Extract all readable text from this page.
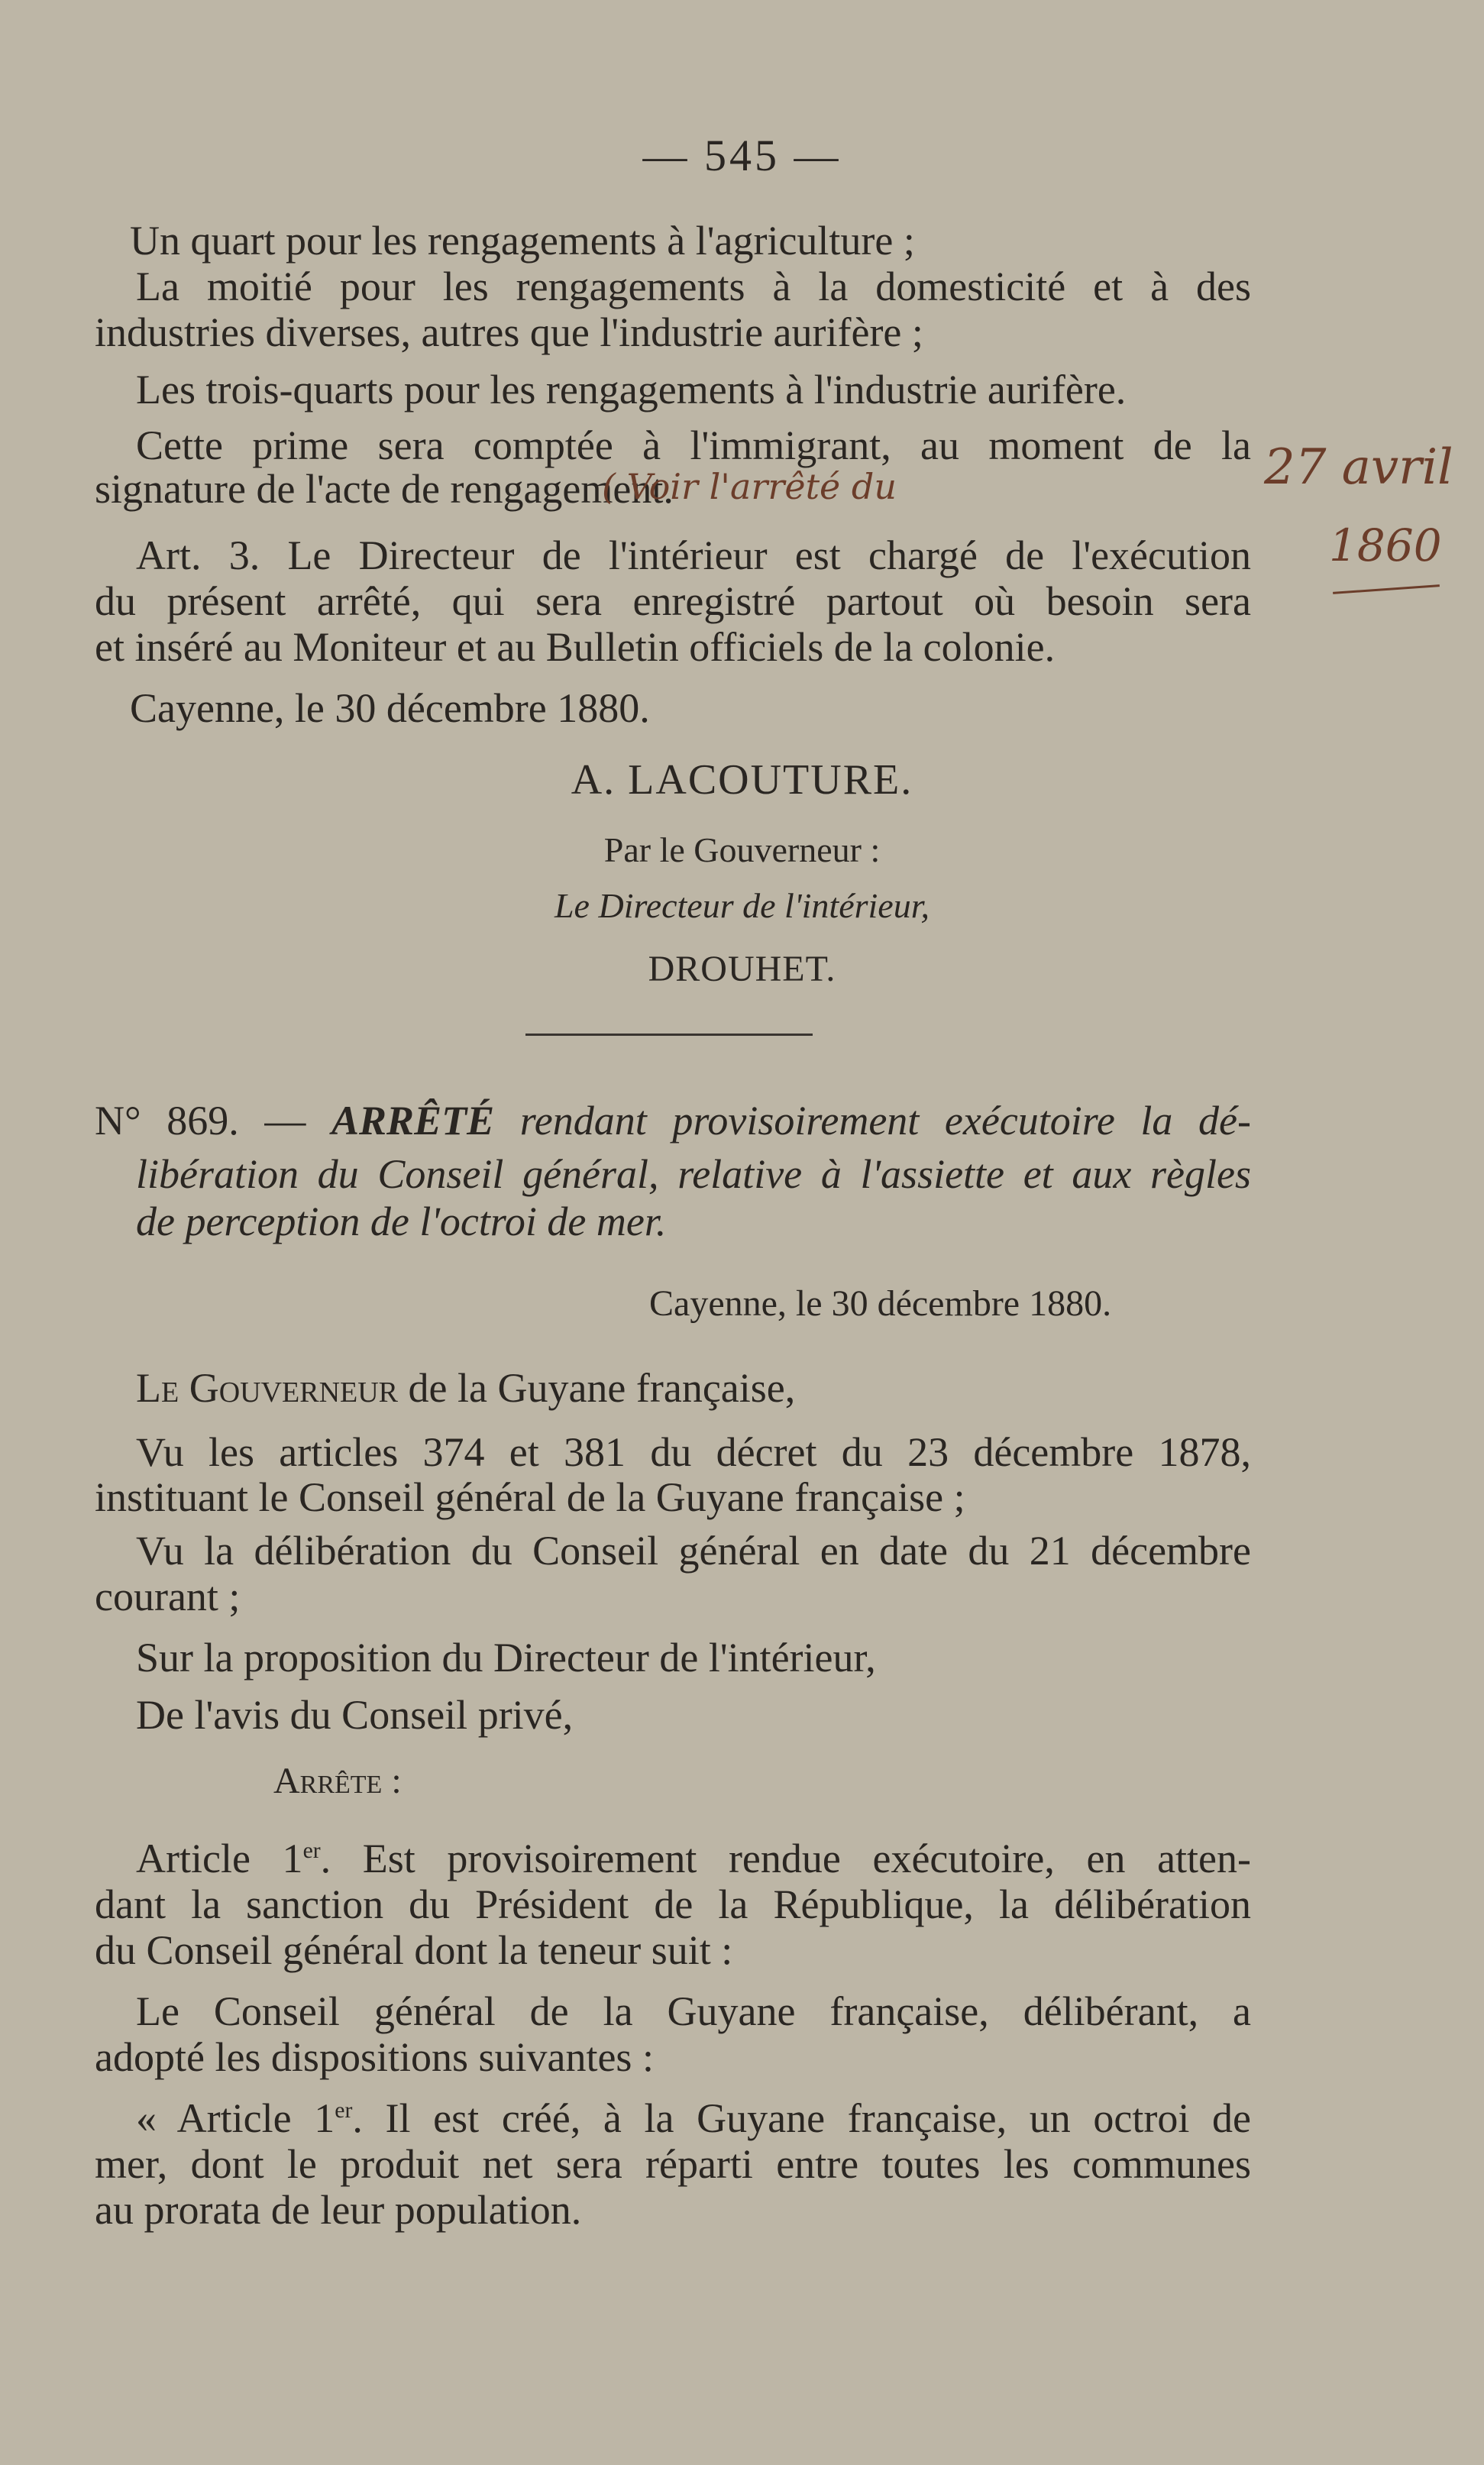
— 545 —
Un quart pour les rengagements à l'agriculture ;
La moitié pour les rengagements à la domesticité et à des
industries diverses, autres que l'industrie aurifère ;
Les trois-quarts pour les rengagements à l'industrie aurifère.
Cette prime sera comptée à l'immigrant, au moment de la
signature de l'acte de rengagement.
Art. 3. Le Directeur de l'intérieur est chargé de l'exécution
du présent arrêté, qui sera enregistré partout où besoin sera
et inséré au Moniteur et au Bulletin officiels de la colonie.
Cayenne, le 30 décembre 1880.
( Voir l'arrêté du	27 avril
1860
A. LACOUTURE.
Par le Gouverneur :
Le Directeur de l'intérieur,
DROUHET.
N° 869. — ARRÊTÉ rendant provisoirement exécutoire la dé-
libération du Conseil général, relative à l'assiette et aux règles
de perception de l'octroi de mer.
Cayenne, le 30 décembre 1880.
Le Gouverneur de la Guyane française,
Vu les articles 374 et 381 du décret du 23 décembre 1878,
instituant le Conseil général de la Guyane française ;
Vu la délibération du Conseil général en date du 21 décembre
courant ;
Sur la proposition du Directeur de l'intérieur,
De l'avis du Conseil privé,
Arrête :
Article 1er. Est provisoirement rendue exécutoire, en atten-
dant la sanction du Président de la République, la délibération
du Conseil général dont la teneur suit :
Le Conseil général de la Guyane française, délibérant, a
adopté les dispositions suivantes :
« Article 1er. Il est créé, à la Guyane française, un octroi de
mer, dont le produit net sera réparti entre toutes les communes
au prorata de leur population.
